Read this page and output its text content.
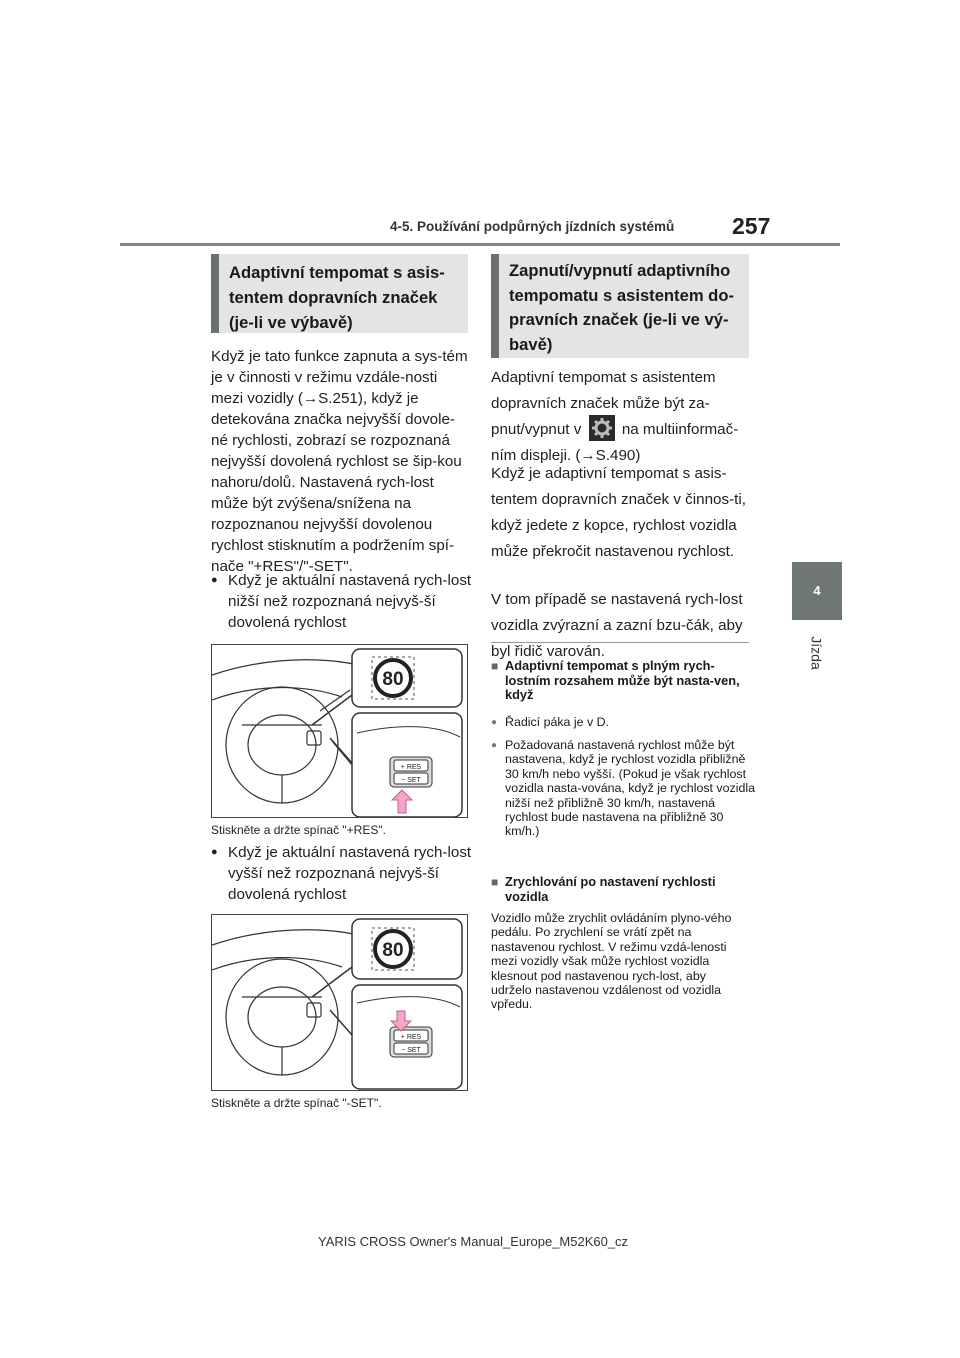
4-5. Používání podpůrných jízdních systémů	257
4
Jízda
Adaptivní tempomat s asis-tentem dopravních značek (je-li ve výbavě)
Když je tato funkce zapnuta a sys-tém je v činnosti v režimu vzdále-nosti mezi vozidly (→S.251), když je detekována značka nejvyšší dovole-né rychlosti, zobrazí se rozpoznaná nejvyšší dovolená rychlost se šip-kou nahoru/dolů. Nastavená rych-lost může být zvýšena/snížena na rozpoznanou nejvyšší dovolenou rychlost stisknutím a podržením spí-nače "+RES"/"-SET".
● Když je aktuální nastavená rych-lost nižší než rozpoznaná nejvyš-ší dovolená rychlost
80
+ RES
− SET
Stiskněte a držte spínač "+RES".
● Když je aktuální nastavená rych-lost vyšší než rozpoznaná nejvyš-ší dovolená rychlost
80
+ RES
− SET
Stiskněte a držte spínač "-SET".
Zapnutí/vypnutí adaptivního tempomatu s asistentem do-pravních značek (je-li ve vý-bavě)
Adaptivní tempomat s asistentem dopravních značek může být za-pnut/vypnut v	na multiinformač-ním displeji. (→S.490)
Když je adaptivní tempomat s asis-tentem dopravních značek v činnos-ti, když jedete z kopce, rychlost vozidla může překročit nastavenou rychlost.
V tom případě se nastavená rych-lost vozidla zvýrazní a zazní bzu-čák, aby byl řidič varován.
■ Adaptivní tempomat s plným rych-lostním rozsahem může být nasta-ven, když
● Řadicí páka je v D.
● Požadovaná nastavená rychlost může být nastavena, když je rychlost vozidla přibližně 30 km/h nebo vyšší. (Pokud je však rychlost vozidla nasta-vována, když je rychlost vozidla nižší než přibližně 30 km/h, nastavená rychlost bude nastavena na přibližně 30 km/h.)
■ Zrychlování po nastavení rychlosti vozidla
Vozidlo může zrychlit ovládáním plyno-vého pedálu. Po zrychlení se vrátí zpět na nastavenou rychlost. V režimu vzdá-lenosti mezi vozidly však může rychlost vozidla klesnout pod nastavenou rych-lost, aby udrželo nastavenou vzdálenost od vozidla vpředu.
YARIS CROSS Owner's Manual_Europe_M52K60_cz
